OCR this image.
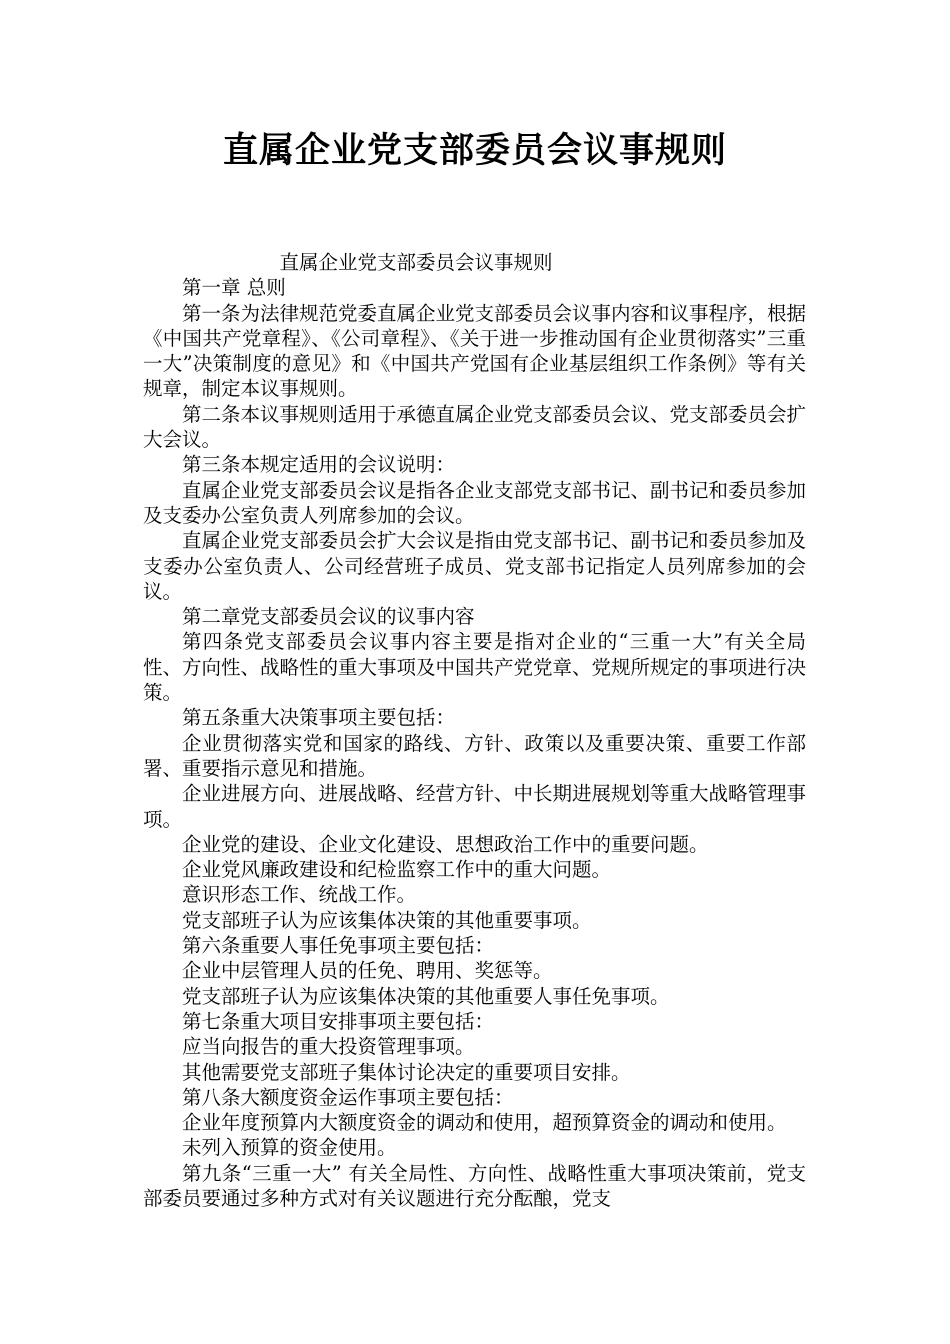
直属企业党支部委员会议事规则

直属企业党支部委员会议事规则

第一章 总则

第一条为法律规范党委直属企业党支部委员会议事内容和议事程序，根据《中国共产党章程》、《公司章程》、《关于进一步推动国有企业贯彻落实”三重一大”决策制度的意见》和《中国共产党国有企业基层组织工作条例》等有关规章，制定本议事规则。

第二条本议事规则适用于承德直属企业党支部委员会议、党支部委员会扩大会议。

第三条本规定适用的会议说明：

直属企业党支部委员会议是指各企业支部党支部书记、副书记和委员参加及支委办公室负责人列席参加的会议。

直属企业党支部委员会扩大会议是指由党支部书记、副书记和委员参加及支委办公室负责人、公司经营班子成员、党支部书记指定人员列席参加的会议。

第二章党支部委员会议的议事内容

第四条党支部委员会议事内容主要是指对企业的“三重一大”有关全局性、方向性、战略性的重大事项及中国共产党党章、党规所规定的事项进行决策。

第五条重大决策事项主要包括：

企业贯彻落实党和国家的路线、方针、政策以及重要决策、重要工作部署、重要指示意见和措施。

企业进展方向、进展战略、经营方针、中长期进展规划等重大战略管理事项。

企业党的建设、企业文化建设、思想政治工作中的重要问题。

企业党风廉政建设和纪检监察工作中的重大问题。

意识形态工作、统战工作。

党支部班子认为应该集体决策的其他重要事项。

第六条重要人事任免事项主要包括：

企业中层管理人员的任免、聘用、奖惩等。

党支部班子认为应该集体决策的其他重要人事任免事项。

第七条重大项目安排事项主要包括：

应当向报告的重大投资管理事项。

其他需要党支部班子集体讨论决定的重要项目安排。

第八条大额度资金运作事项主要包括：

企业年度预算内大额度资金的调动和使用，超预算资金的调动和使用。

未列入预算的资金使用。

第九条“三重一大” 有关全局性、方向性、战略性重大事项决策前，党支部委员要通过多种方式对有关议题进行充分酝酿，党支
